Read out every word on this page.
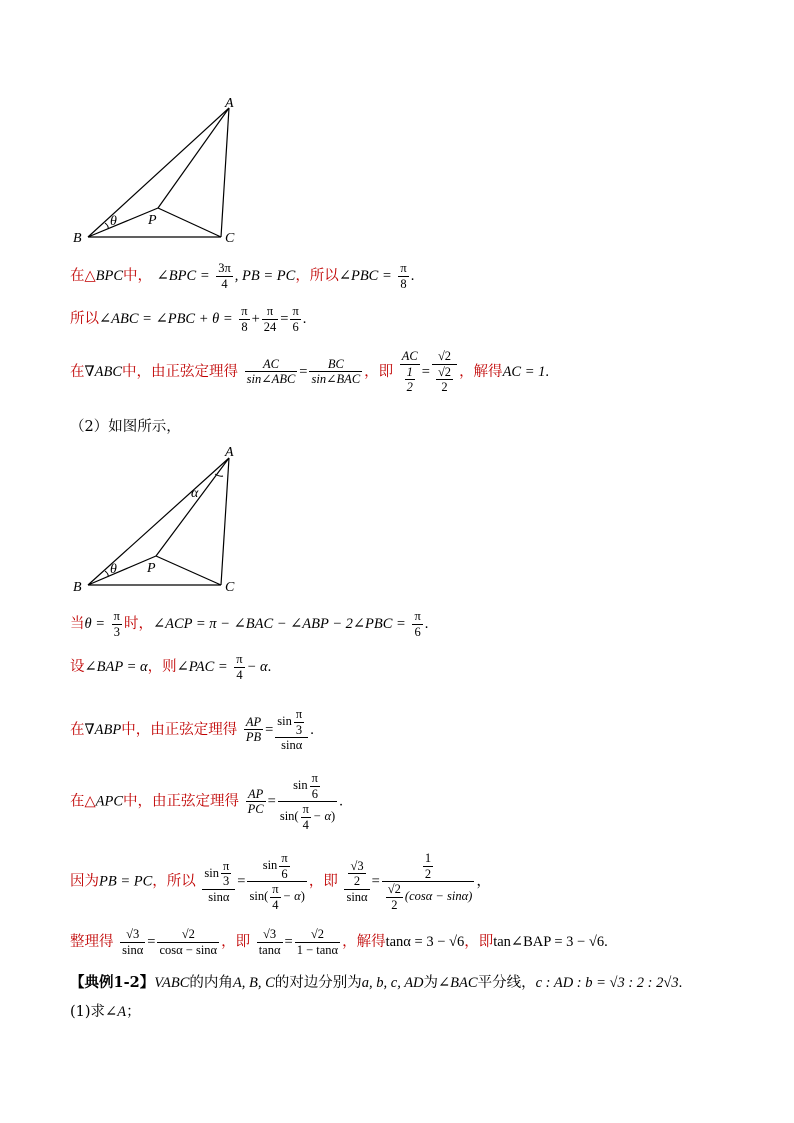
A
B	C
P
θ
在△BPC中， ∠BPC = $\frac{3\pi}{4}$ , PB = PC，所以∠PBC = $\frac{\pi}{8}$ .
所以∠ABC = ∠PBC + $\theta = \frac{\pi}{8} + \frac{\pi}{24} = \frac{\pi}{6}$ .
在∇ABC中，由正弦定理得 $\frac{AC}{\text{sin∠ABC}} = \frac{BC}{\text{sin∠BAC}}$ ，即 $\frac{AC}{\frac{1}{2}} = \frac{√2}{\frac{√2}{2}}$ ，解得AC = 1.
（2）如图所示，
A
B	C
P
θ
α
当$\theta = \frac{\pi}{3}$ 时，∠ACP = π − ∠BAC − ∠ABP − 2∠PBC = $\frac{\pi}{6}$ .
设∠BAP = α，则∠PAC = $\frac{\pi}{4} - \alpha$.
在∇ABP中，由正弦定理得 $\frac{AP}{PB} = \frac{\sin \frac{\pi}{3}}{\sin\alpha}$ .
在△APC中，由正弦定理得 $\frac{AP}{PC} = \frac{\sin \frac{\pi}{6}}{\sin( \frac{\pi}{4} - \alpha)}$ .
因为PB = PC，所以 $\frac{\sin \frac{\pi}{3}}{\sin\alpha} = \frac{\sin \frac{\pi}{6}}{\sin( \frac{\pi}{4} - \alpha)}$ ，即 $\frac{\frac{√3}{2}}{\sin\alpha} = \frac{\frac{1}{2}}{\frac{√2}{2} (\cos\alpha - \sin\alpha)}$ ，
整理得 $\frac{√3}{\sin\alpha} = \frac{√2}{\cos\alpha - \sin\alpha}$ ，即 $\frac{√3}{\tan\alpha} = \frac{√2}{1 - \tan\alpha}$ ，解得tanα = 3 − √6，即tan∠BAP = 3 − √6.
【典例1-2】VABC的内角A, B, C的对边分别为a, b, c, AD为∠BAC平分线，c : AD : b = √3 : 2 : 2√3.
(1)求∠A；
